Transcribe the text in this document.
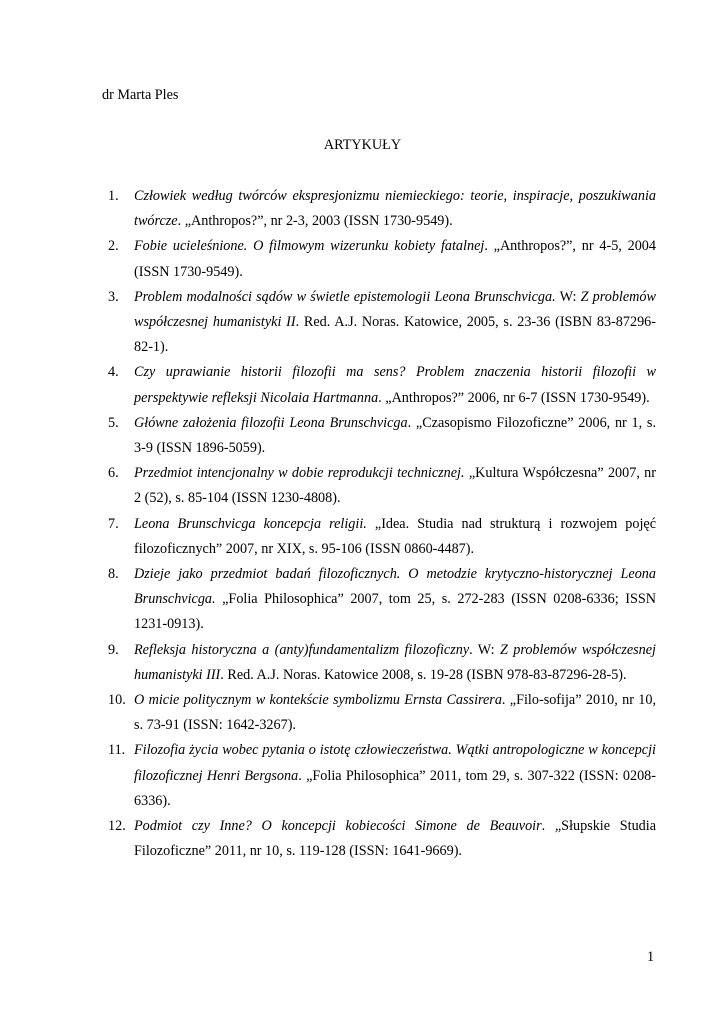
dr Marta Ples
ARTYKUŁY
1.	Człowiek według twórców ekspresjonizmu niemieckiego: teorie, inspiracje, poszukiwania twórcze. „Anthropos?”, nr 2-3, 2003 (ISSN 1730-9549).
2.	Fobie ucieleśnione. O filmowym wizerunku kobiety fatalnej. „Anthropos?”, nr 4-5, 2004 (ISSN 1730-9549).
3.	Problem modalności sądów w świetle epistemologii Leona Brunschvicga. W: Z problemów współczesnej humanistyki II. Red. A.J. Noras. Katowice, 2005, s. 23-36 (ISBN 83-87296-82-1).
4.	Czy uprawianie historii filozofii ma sens? Problem znaczenia historii filozofii w perspektywie refleksji Nicolaia Hartmanna. „Anthropos?” 2006, nr 6-7 (ISSN 1730-9549).
5.	Główne założenia filozofii Leona Brunschvicga. „Czasopismo Filozoficzne” 2006, nr 1, s. 3-9 (ISSN 1896-5059).
6.	Przedmiot intencjonalny w dobie reprodukcji technicznej. „Kultura Współczesna” 2007, nr 2 (52), s. 85-104 (ISSN 1230-4808).
7.	Leona Brunschvicga koncepcja religii. „Idea. Studia nad strukturą i rozwojem pojęć filozoficznych” 2007, nr XIX, s. 95-106 (ISSN 0860-4487).
8.	Dzieje jako przedmiot badań filozoficznych. O metodzie krytyczno-historycznej Leona Brunschvicga. „Folia Philosophica” 2007, tom 25, s. 272-283 (ISSN 0208-6336; ISSN 1231-0913).
9.	Refleksja historyczna a (anty)fundamentalizm filozoficzny. W: Z problemów współczesnej humanistyki III. Red. A.J. Noras. Katowice 2008, s. 19-28 (ISBN 978-83-87296-28-5).
10. O micie politycznym w kontekście symbolizmu Ernsta Cassirera. „Filo-sofija” 2010, nr 10, s. 73-91 (ISSN: 1642-3267).
11. Filozofia życia wobec pytania o istotę człowieczeństwa. Wątki antropologiczne w koncepcji filozoficznej Henri Bergsona. „Folia Philosophica” 2011, tom 29, s. 307-322 (ISSN: 0208-6336).
12. Podmiot czy Inne? O koncepcji kobiecości Simone de Beauvoir. „Słupskie Studia Filozoficzne” 2011, nr 10, s. 119-128 (ISSN: 1641-9669).
1
